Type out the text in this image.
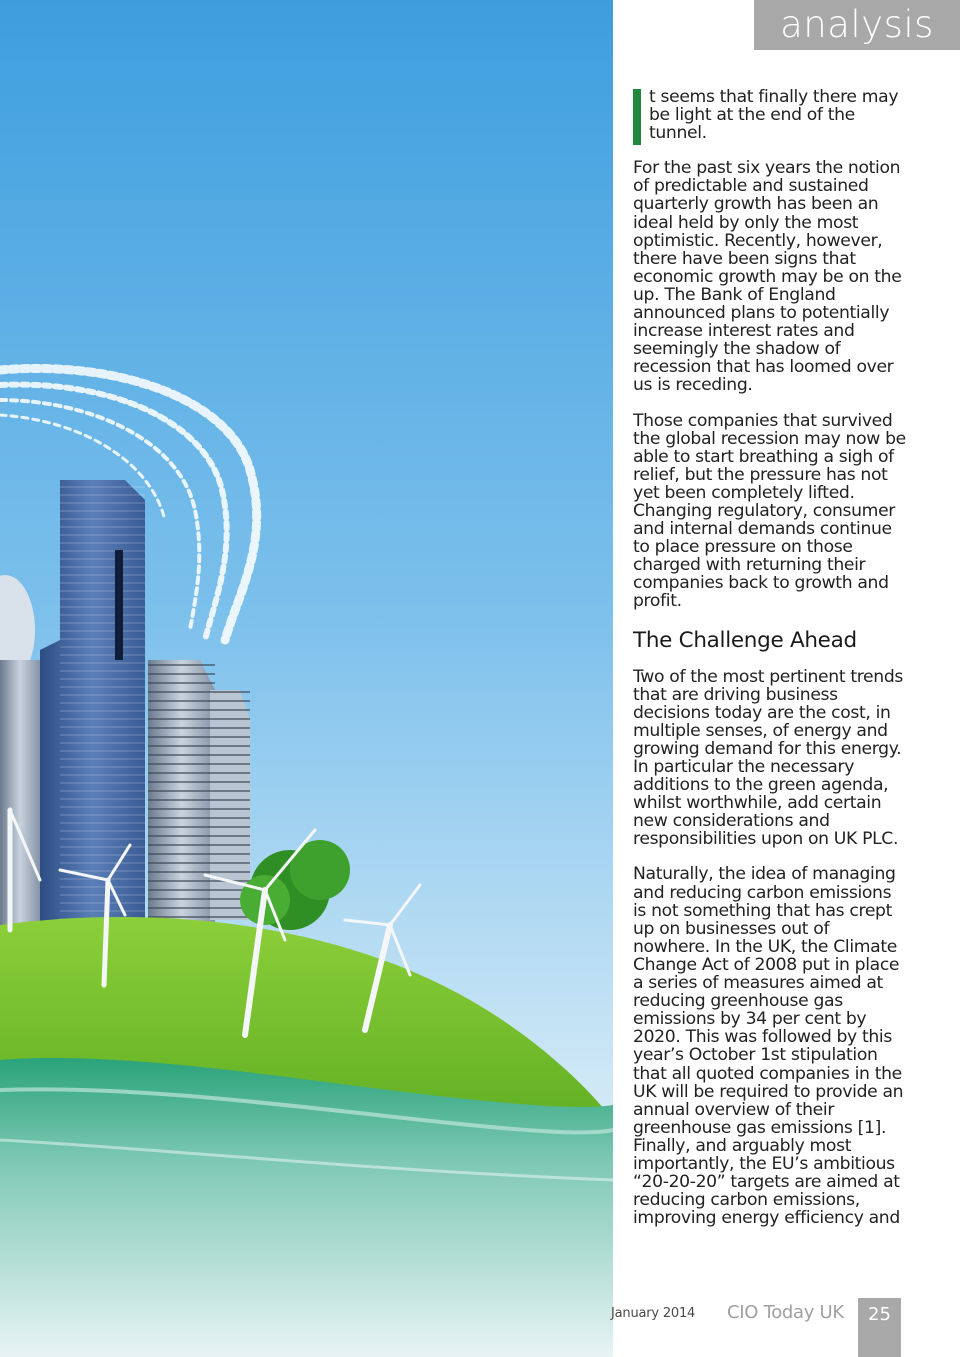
analysis

t seems that finally there may be light at the end of the tunnel.

For the past six years the notion of predictable and sustained quarterly growth has been an ideal held by only the most optimistic. Recently, however, there have been signs that economic growth may be on the up. The Bank of England announced plans to potentially increase interest rates and seemingly the shadow of recession that has loomed over us is receding.

Those companies that survived the global recession may now be able to start breathing a sigh of relief, but the pressure has not yet been completely lifted. Changing regulatory, consumer and internal demands continue to place pressure on those charged with returning their companies back to growth and profit.

The Challenge Ahead

Two of the most pertinent trends that are driving business decisions today are the cost, in multiple senses, of energy and growing demand for this energy. In particular the necessary additions to the green agenda, whilst worthwhile, add certain new considerations and responsibilities upon on UK PLC.

Naturally, the idea of managing and reducing carbon emissions is not something that has crept up on businesses out of nowhere. In the UK, the Climate Change Act of 2008 put in place a series of measures aimed at reducing greenhouse gas emissions by 34 per cent by 2020. This was followed by this year’s October 1st stipulation that all quoted companies in the UK will be required to provide an annual overview of their greenhouse gas emissions [1]. Finally, and arguably most importantly, the EU’s ambitious “20-20-20” targets are aimed at reducing carbon emissions, improving energy efficiency and

January 2014 CIO Today UK	25
